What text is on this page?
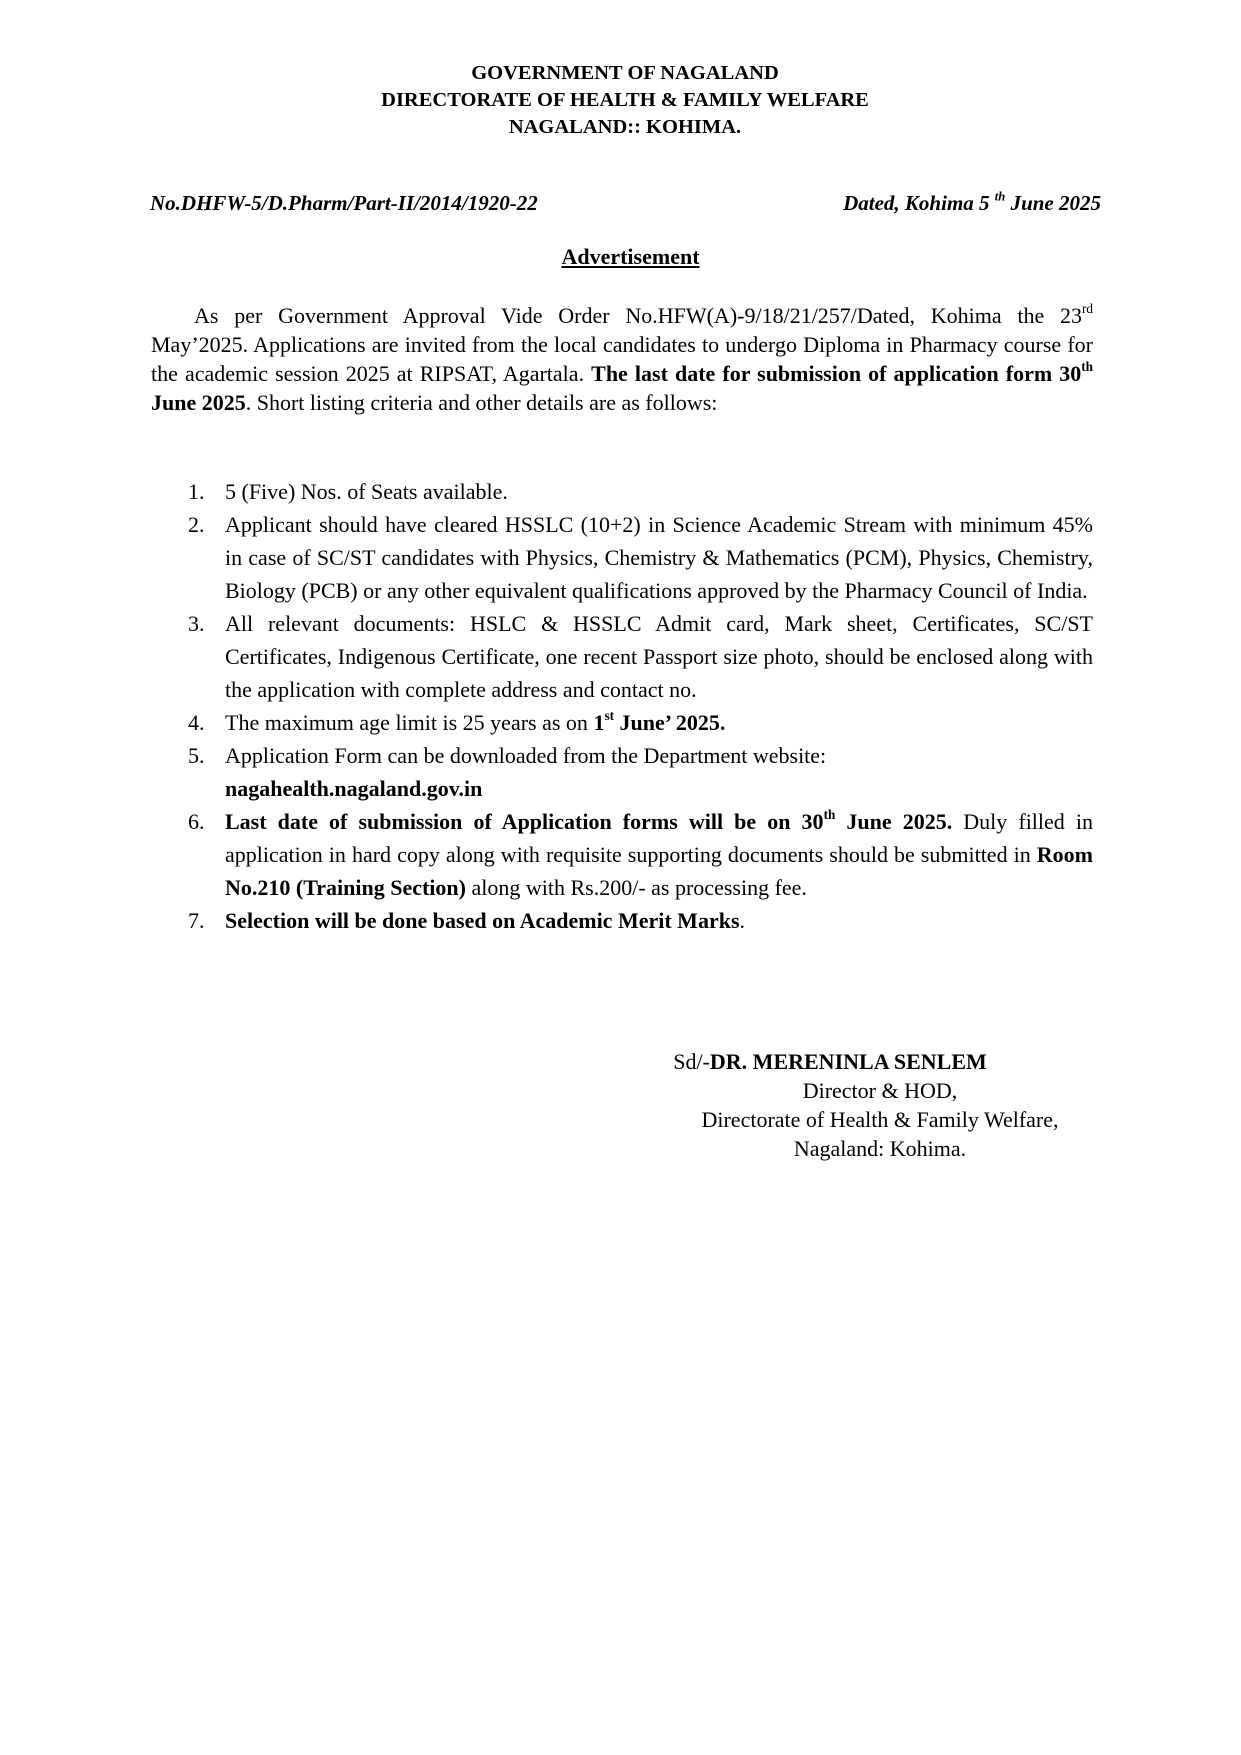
GOVERNMENT OF NAGALAND
DIRECTORATE OF HEALTH & FAMILY WELFARE
NAGALAND:: KOHIMA.
No.DHFW-5/D.Pharm/Part-II/2014/1920-22	Dated, Kohima 5 $^{th}$ June 2025
Advertisement
As per Government Approval Vide Order No.HFW(A)-9/18/21/257/Dated, Kohima the 23rd May’2025. Applications are invited from the local candidates to undergo Diploma in Pharmacy course for the academic session 2025 at RIPSAT, Agartala. The last date for submission of application form 30th June 2025. Short listing criteria and other details are as follows:
1. 5 (Five) Nos. of Seats available.
2. Applicant should have cleared HSSLC (10+2) in Science Academic Stream with minimum 45% in case of SC/ST candidates with Physics, Chemistry & Mathematics (PCM), Physics, Chemistry, Biology (PCB) or any other equivalent qualifications approved by the Pharmacy Council of India.
3. All relevant documents: HSLC & HSSLC Admit card, Mark sheet, Certificates, SC/ST Certificates, Indigenous Certificate, one recent Passport size photo, should be enclosed along with the application with complete address and contact no.
4. The maximum age limit is 25 years as on 1st June’ 2025.
5. Application Form can be downloaded from the Department website:
nagahealth.nagaland.gov.in
6. Last date of submission of Application forms will be on 30th June 2025. Duly filled in application in hard copy along with requisite supporting documents should be submitted in Room No.210 (Training Section) along with Rs.200/- as processing fee.
7. Selection will be done based on Academic Merit Marks.
Sd/-DR. MERENINLA SENLEM
Director & HOD,
Directorate of Health & Family Welfare,
Nagaland: Kohima.
